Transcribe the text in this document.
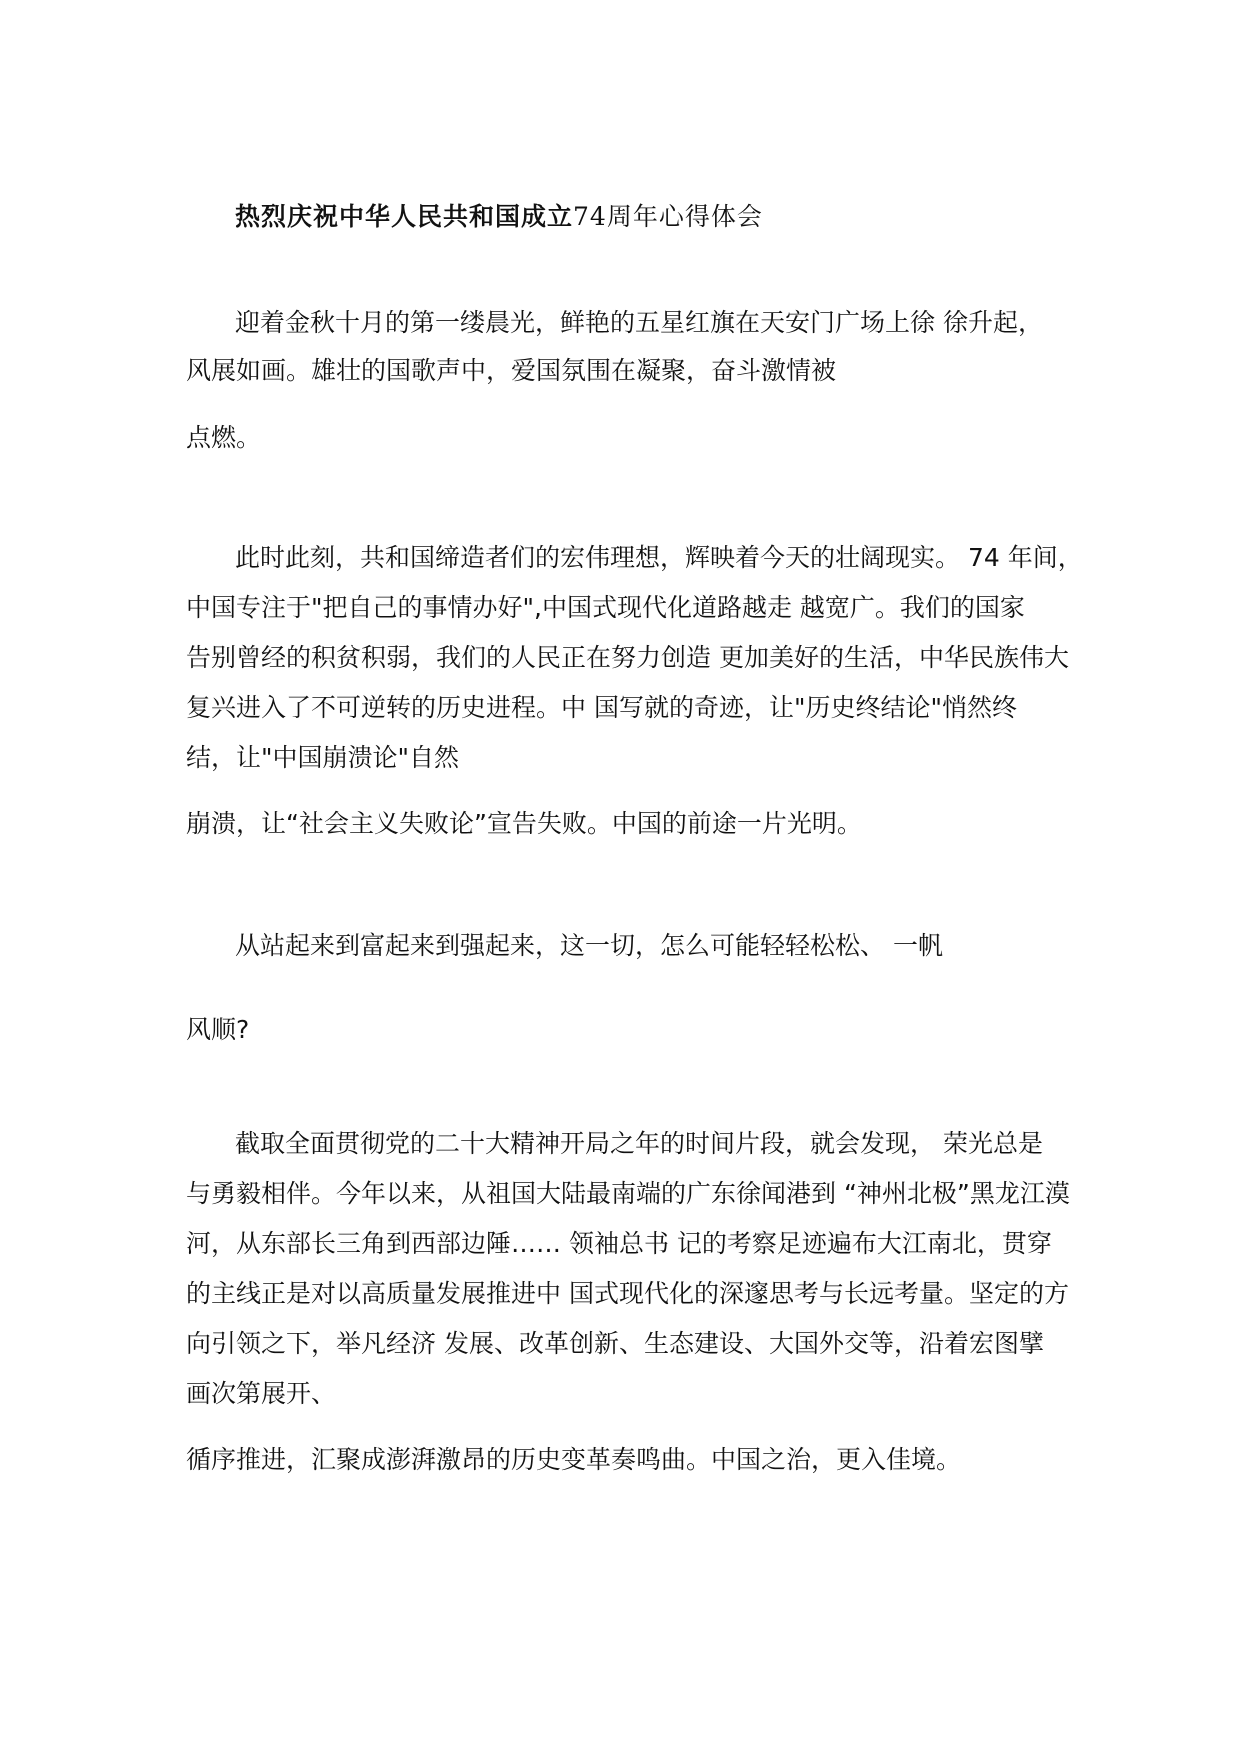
热烈庆祝中华人民共和国成立74周年心得体会
迎着金秋十月的第一缕晨光，鲜艳的五星红旗在天安门广场上徐 徐升起，
风展如画。雄壮的国歌声中，爱国氛围在凝聚，奋斗激情被
点燃。
此时此刻，共和国缔造者们的宏伟理想，辉映着今天的壮阔现实。 74 年间，
中国专注于"把自己的事情办好",中国式现代化道路越走 越宽广。我们的国家
告别曾经的积贫积弱，我们的人民正在努力创造 更加美好的生活，中华民族伟大
复兴进入了不可逆转的历史进程。中 国写就的奇迹，让"历史终结论"悄然终
结，让"中国崩溃论"自然
崩溃，让“社会主义失败论”宣告失败。中国的前途一片光明。
从站起来到富起来到强起来，这一切，怎么可能轻轻松松、 一帆
风顺?
截取全面贯彻党的二十大精神开局之年的时间片段，就会发现， 荣光总是
与勇毅相伴。今年以来，从祖国大陆最南端的广东徐闻港到 “神州北极”黑龙江漠
河，从东部长三角到西部边陲…… 领袖总书 记的考察足迹遍布大江南北，贯穿
的主线正是对以高质量发展推进中 国式现代化的深邃思考与长远考量。坚定的方
向引领之下，举凡经济 发展、改革创新、生态建设、大国外交等，沿着宏图擘
画次第展开、
循序推进，汇聚成澎湃激昂的历史变革奏鸣曲。中国之治，更入佳境。
